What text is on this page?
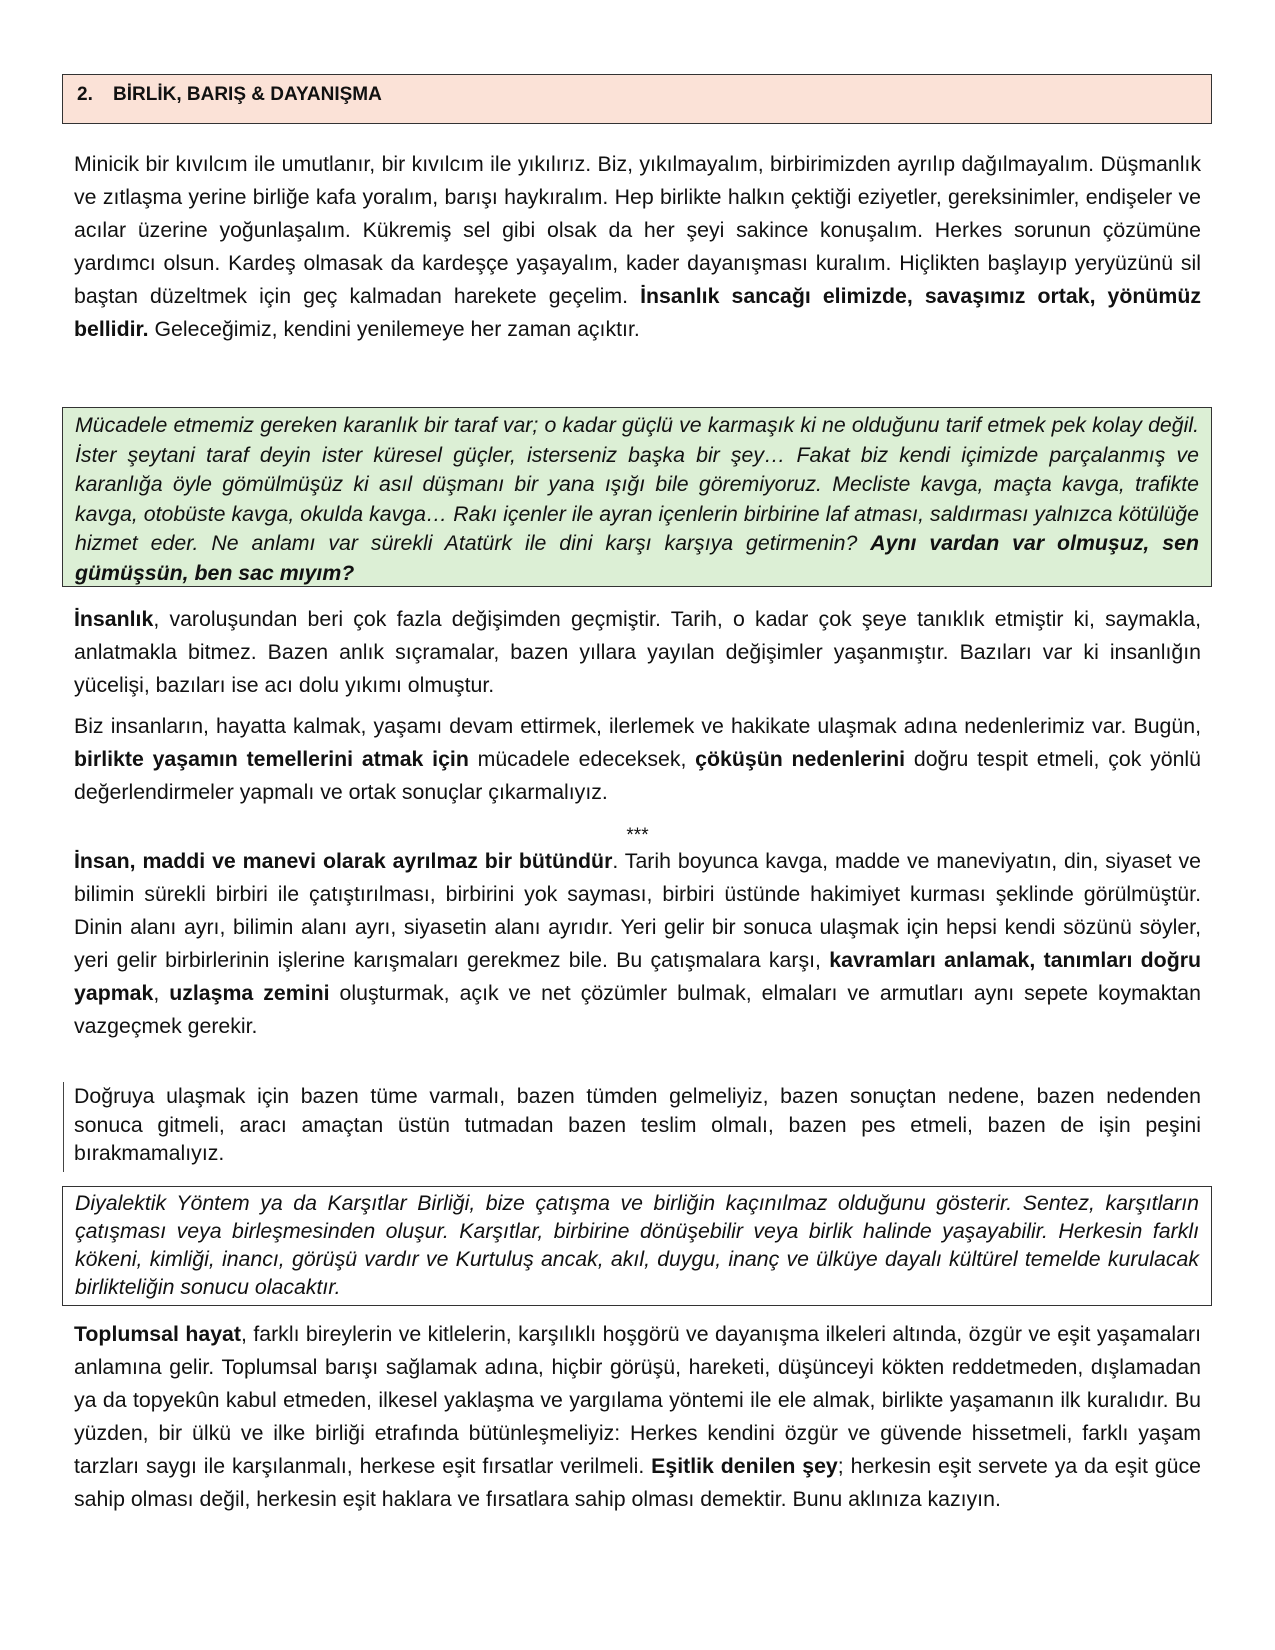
2. BİRLİK, BARIŞ & DAYANIŞMA

Minicik bir kıvılcım ile umutlanır, bir kıvılcım ile yıkılırız. Biz, yıkılmayalım, birbirimizden ayrılıp dağılmayalım. Düşmanlık ve zıtlaşma yerine birliğe kafa yoralım, barışı haykıralım. Hep birlikte halkın çektiği eziyetler, gereksinimler, endişeler ve acılar üzerine yoğunlaşalım. Kükremiş sel gibi olsak da her şeyi sakince konuşalım. Herkes sorunun çözümüne yardımcı olsun. Kardeş olmasak da kardeşçe yaşayalım, kader dayanışması kuralım. Hiçlikten başlayıp yeryüzünü sil baştan düzeltmek için geç kalmadan harekete geçelim. İnsanlık sancağı elimizde, savaşımız ortak, yönümüz bellidir. Geleceğimiz, kendini yenilemeye her zaman açıktır.

Mücadele etmemiz gereken karanlık bir taraf var; o kadar güçlü ve karmaşık ki ne olduğunu tarif etmek pek kolay değil. İster şeytani taraf deyin ister küresel güçler, isterseniz başka bir şey… Fakat biz kendi içimizde parçalanmış ve karanlığa öyle gömülmüşüz ki asıl düşmanı bir yana ışığı bile göremiyoruz. Mecliste kavga, maçta kavga, trafikte kavga, otobüste kavga, okulda kavga… Rakı içenler ile ayran içenlerin birbirine laf atması, saldırması yalnızca kötülüğe hizmet eder. Ne anlamı var sürekli Atatürk ile dini karşı karşıya getirmenin? Aynı vardan var olmuşuz, sen gümüşsün, ben sac mıyım?

İnsanlık, varoluşundan beri çok fazla değişimden geçmiştir. Tarih, o kadar çok şeye tanıklık etmiştir ki, saymakla, anlatmakla bitmez. Bazen anlık sıçramalar, bazen yıllara yayılan değişimler yaşanmıştır. Bazıları var ki insanlığın yücelişi, bazıları ise acı dolu yıkımı olmuştur.

Biz insanların, hayatta kalmak, yaşamı devam ettirmek, ilerlemek ve hakikate ulaşmak adına nedenlerimiz var. Bugün, birlikte yaşamın temellerini atmak için mücadele edeceksek, çöküşün nedenlerini doğru tespit etmeli, çok yönlü değerlendirmeler yapmalı ve ortak sonuçlar çıkarmalıyız.

***

İnsan, maddi ve manevi olarak ayrılmaz bir bütündür. Tarih boyunca kavga, madde ve maneviyatın, din, siyaset ve bilimin sürekli birbiri ile çatıştırılması, birbirini yok sayması, birbiri üstünde hakimiyet kurması şeklinde görülmüştür. Dinin alanı ayrı, bilimin alanı ayrı, siyasetin alanı ayrıdır. Yeri gelir bir sonuca ulaşmak için hepsi kendi sözünü söyler, yeri gelir birbirlerinin işlerine karışmaları gerekmez bile. Bu çatışmalara karşı, kavramları anlamak, tanımları doğru yapmak, uzlaşma zemini oluşturmak, açık ve net çözümler bulmak, elmaları ve armutları aynı sepete koymaktan vazgeçmek gerekir.

Doğruya ulaşmak için bazen tüme varmalı, bazen tümden gelmeliyiz, bazen sonuçtan nedene, bazen nedenden sonuca gitmeli, aracı amaçtan üstün tutmadan bazen teslim olmalı, bazen pes etmeli, bazen de işin peşini bırakmamalıyız.

Diyalektik Yöntem ya da Karşıtlar Birliği, bize çatışma ve birliğin kaçınılmaz olduğunu gösterir. Sentez, karşıtların çatışması veya birleşmesinden oluşur. Karşıtlar, birbirine dönüşebilir veya birlik halinde yaşayabilir. Herkesin farklı kökeni, kimliği, inancı, görüşü vardır ve Kurtuluş ancak, akıl, duygu, inanç ve ülküye dayalı kültürel temelde kurulacak birlikteliğin sonucu olacaktır.

Toplumsal hayat, farklı bireylerin ve kitlelerin, karşılıklı hoşgörü ve dayanışma ilkeleri altında, özgür ve eşit yaşamaları anlamına gelir. Toplumsal barışı sağlamak adına, hiçbir görüşü, hareketi, düşünceyi kökten reddetmeden, dışlamadan ya da topyekûn kabul etmeden, ilkesel yaklaşma ve yargılama yöntemi ile ele almak, birlikte yaşamanın ilk kuralıdır. Bu yüzden, bir ülkü ve ilke birliği etrafında bütünleşmeliyiz: Herkes kendini özgür ve güvende hissetmeli, farklı yaşam tarzları saygı ile karşılanmalı, herkese eşit fırsatlar verilmeli. Eşitlik denilen şey; herkesin eşit servete ya da eşit güce sahip olması değil, herkesin eşit haklara ve fırsatlara sahip olması demektir. Bunu aklınıza kazıyın.
